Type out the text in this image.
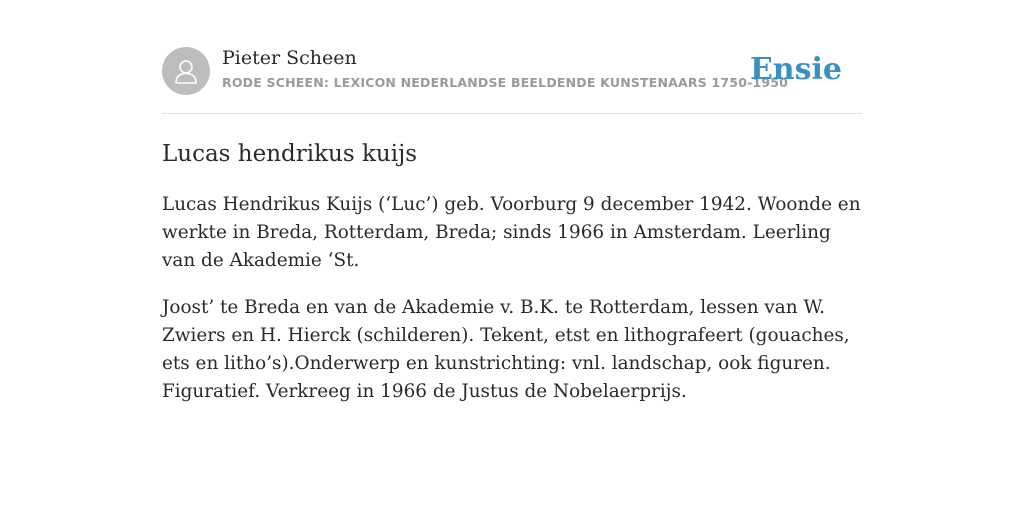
Pieter Scheen
RODE SCHEEN: LEXICON NEDERLANDSE BEELDENDE KUNSTENAARS 1750-1950
Ensie
Lucas hendrikus kuijs

Lucas Hendrikus Kuijs (‘Luc’) geb. Voorburg 9 december 1942. Woonde en werkte in Breda, Rotterdam, Breda; sinds 1966 in Amsterdam. Leerling van de Akademie ‘St.

Joost’ te Breda en van de Akademie v. B.K. te Rotterdam, lessen van W. Zwiers en H. Hierck (schilderen). Tekent, etst en lithografeert (gouaches, ets en litho’s).Onderwerp en kunstrichting: vnl. landschap, ook figuren. Figuratief. Verkreeg in 1966 de Justus de Nobelaerprijs.
